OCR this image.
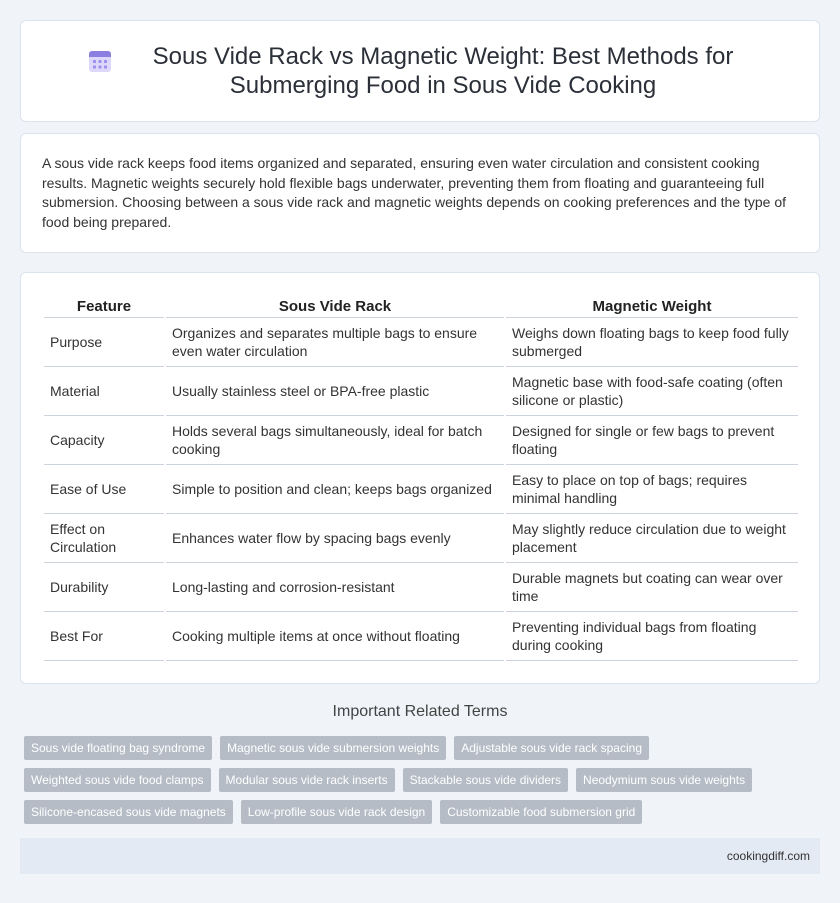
Sous Vide Rack vs Magnetic Weight: Best Methods for Submerging Food in Sous Vide Cooking
A sous vide rack keeps food items organized and separated, ensuring even water circulation and consistent cooking results. Magnetic weights securely hold flexible bags underwater, preventing them from floating and guaranteeing full submersion. Choosing between a sous vide rack and magnetic weights depends on cooking preferences and the type of food being prepared.
Feature	Sous Vide Rack	Magnetic Weight
Purpose	Organizes and separates multiple bags to ensure even water circulation	Weighs down floating bags to keep food fully submerged
Material	Usually stainless steel or BPA-free plastic	Magnetic base with food-safe coating (often silicone or plastic)
Capacity	Holds several bags simultaneously, ideal for batch cooking	Designed for single or few bags to prevent floating
Ease of Use	Simple to position and clean; keeps bags organized	Easy to place on top of bags; requires minimal handling
Effect on Circulation	Enhances water flow by spacing bags evenly	May slightly reduce circulation due to weight placement
Durability	Long-lasting and corrosion-resistant	Durable magnets but coating can wear over time
Best For	Cooking multiple items at once without floating	Preventing individual bags from floating during cooking
Important Related Terms
Sous vide floating bag syndrome	Magnetic sous vide submersion weights	Adjustable sous vide rack spacing
Weighted sous vide food clamps	Modular sous vide rack inserts	Stackable sous vide dividers	Neodymium sous vide weights
Silicone-encased sous vide magnets	Low-profile sous vide rack design	Customizable food submersion grid
cookingdiff.com
